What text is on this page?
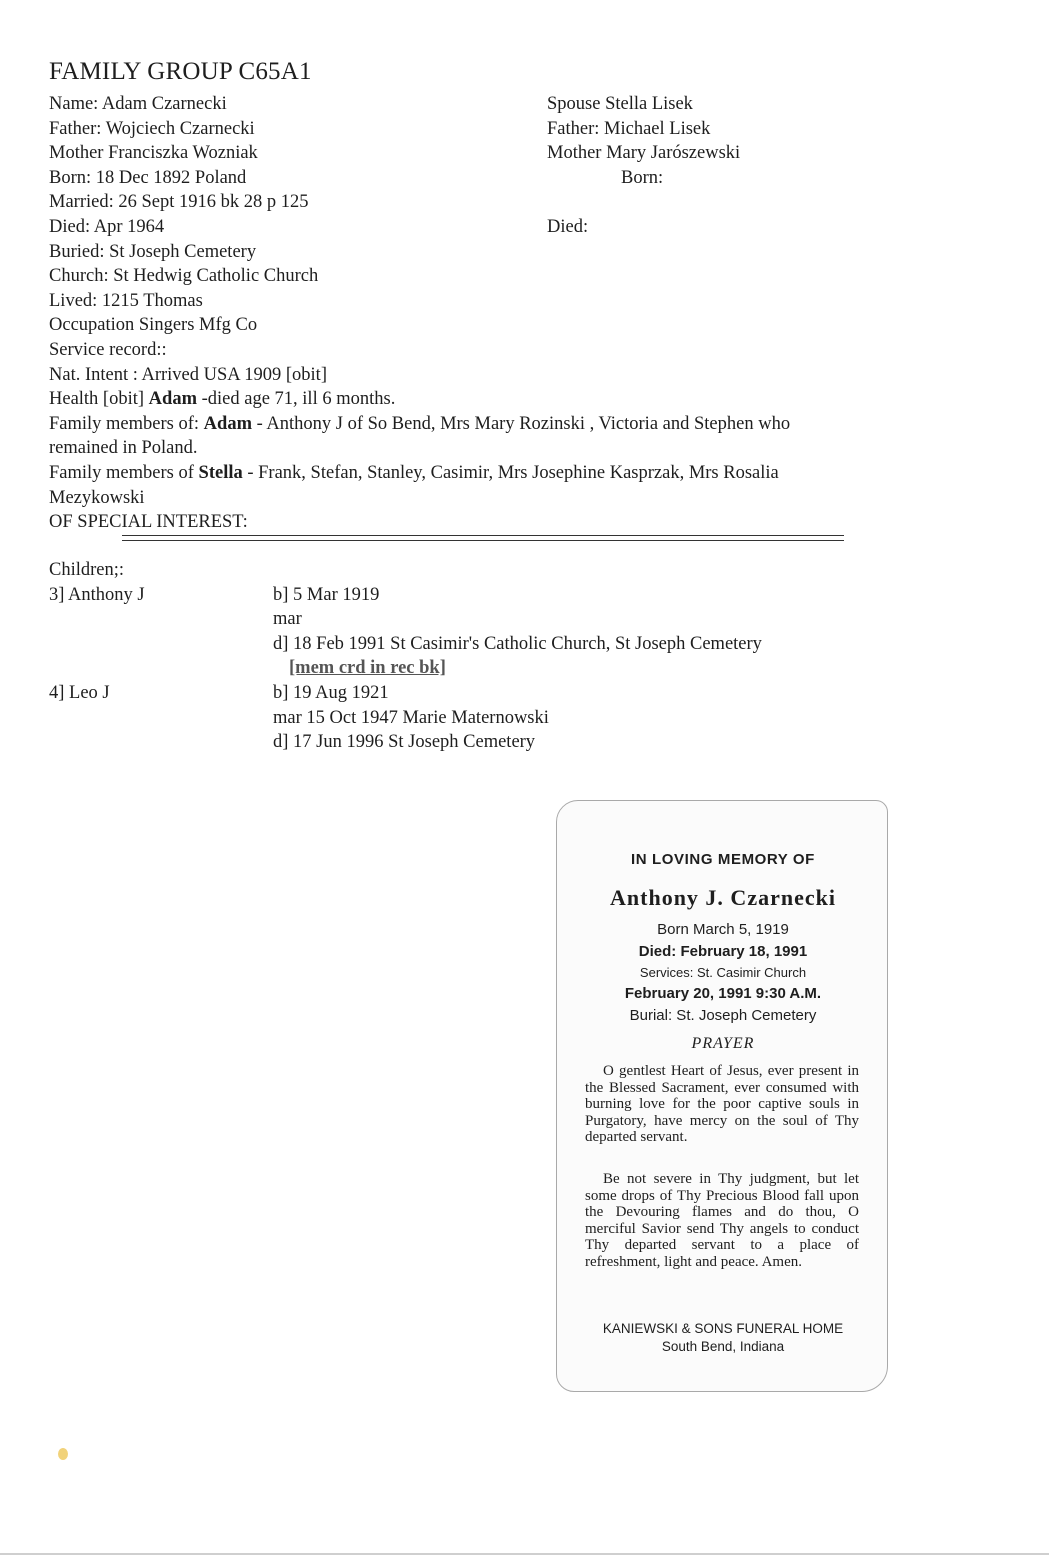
FAMILY GROUP C65A1
Name: Adam Czarnecki	Spouse Stella Lisek
Father: Wojciech Czarnecki	Father: Michael Lisek
Mother Franciszka Wozniak	Mother Mary Jarószewski
Born: 18 Dec 1892 Poland	Born:
Married: 26 Sept 1916 bk 28 p 125
Died: Apr 1964	Died:
Buried: St Joseph Cemetery
Church: St Hedwig Catholic Church
Lived: 1215 Thomas
Occupation Singers Mfg Co
Service record::
Nat. Intent : Arrived USA 1909 [obit]
Health [obit] Adam -died age 71, ill 6 months.
Family members of: Adam - Anthony J of So Bend, Mrs Mary Rozinski , Victoria and Stephen who
remained in Poland.
Family members of Stella - Frank, Stefan, Stanley, Casimir, Mrs Josephine Kasprzak, Mrs Rosalia
Mezykowski
OF SPECIAL INTEREST:
Children;:
3] Anthony J	b] 5 Mar 1919
mar
d] 18 Feb 1991 St Casimir's Catholic Church, St Joseph Cemetery
[mem crd in rec bk]
4] Leo J	b] 19 Aug 1921
mar 15 Oct 1947 Marie Maternowski
d] 17 Jun 1996 St Joseph Cemetery
IN LOVING MEMORY OF
Anthony J. Czarnecki
Born March 5, 1919
Died: February 18, 1991
Services: St. Casimir Church
February 20, 1991 9:30 A.M.
Burial: St. Joseph Cemetery
PRAYER
O gentlest Heart of Jesus, ever present in the Blessed Sacrament, ever consumed with burning love for the poor captive souls in Purgatory, have mercy on the soul of Thy departed servant.
Be not severe in Thy judgment, but let some drops of Thy Precious Blood fall upon the Devouring flames and do thou, O merciful Savior send Thy angels to conduct Thy departed servant to a place of refreshment, light and peace. Amen.
KANIEWSKI & SONS FUNERAL HOME
South Bend, Indiana
